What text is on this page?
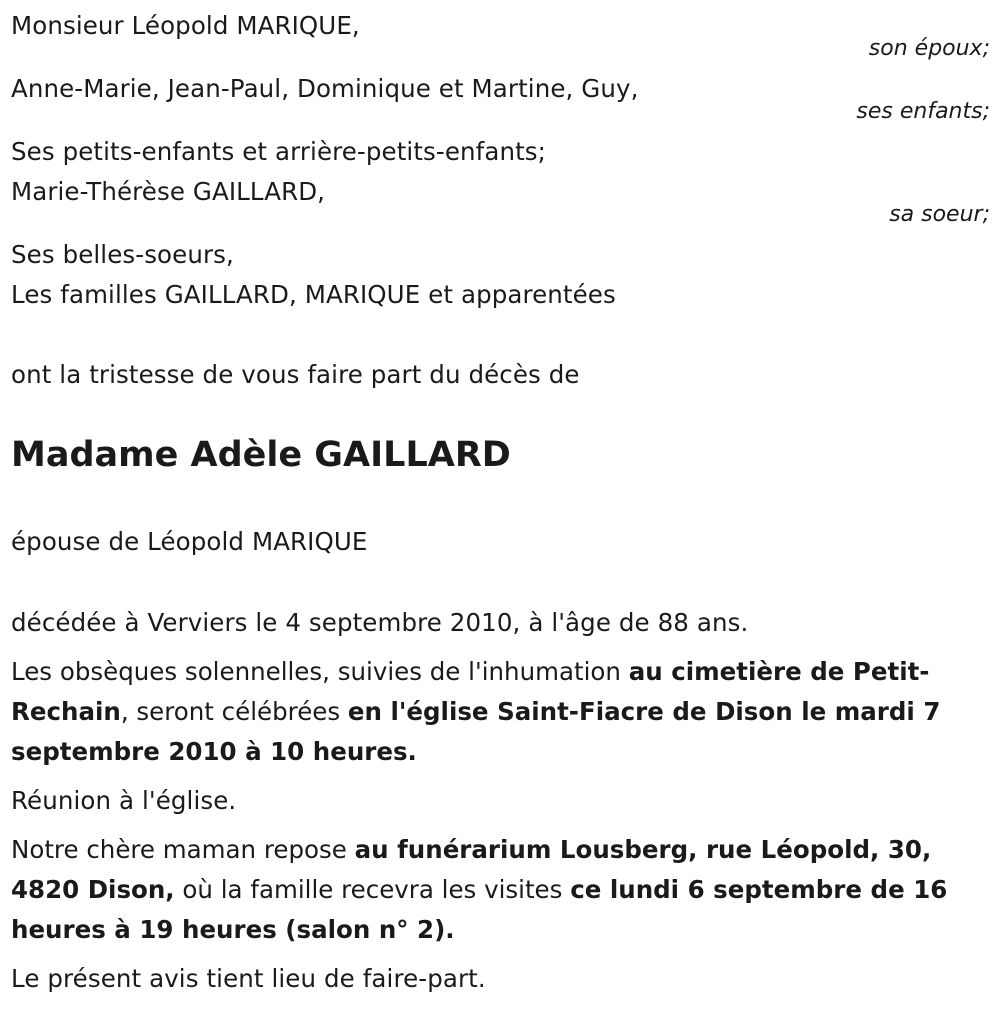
Monsieur Léopold MARIQUE,
son époux;
Anne-Marie, Jean-Paul, Dominique et Martine, Guy,
ses enfants;
Ses petits-enfants et arrière-petits-enfants;
Marie-Thérèse GAILLARD,
sa soeur;
Ses belles-soeurs,
Les familles GAILLARD, MARIQUE et apparentées
ont la tristesse de vous faire part du décès de
Madame Adèle GAILLARD
épouse de Léopold MARIQUE
décédée à Verviers le 4 septembre 2010, à l'âge de 88 ans.
Les obsèques solennelles, suivies de l'inhumation au cimetière de Petit-Rechain, seront célébrées en l'église Saint-Fiacre de Dison le mardi 7 septembre 2010 à 10 heures.
Réunion à l'église.
Notre chère maman repose au funérarium Lousberg, rue Léopold, 30, 4820 Dison, où la famille recevra les visites ce lundi 6 septembre de 16 heures à 19 heures (salon n° 2).
Le présent avis tient lieu de faire-part.
